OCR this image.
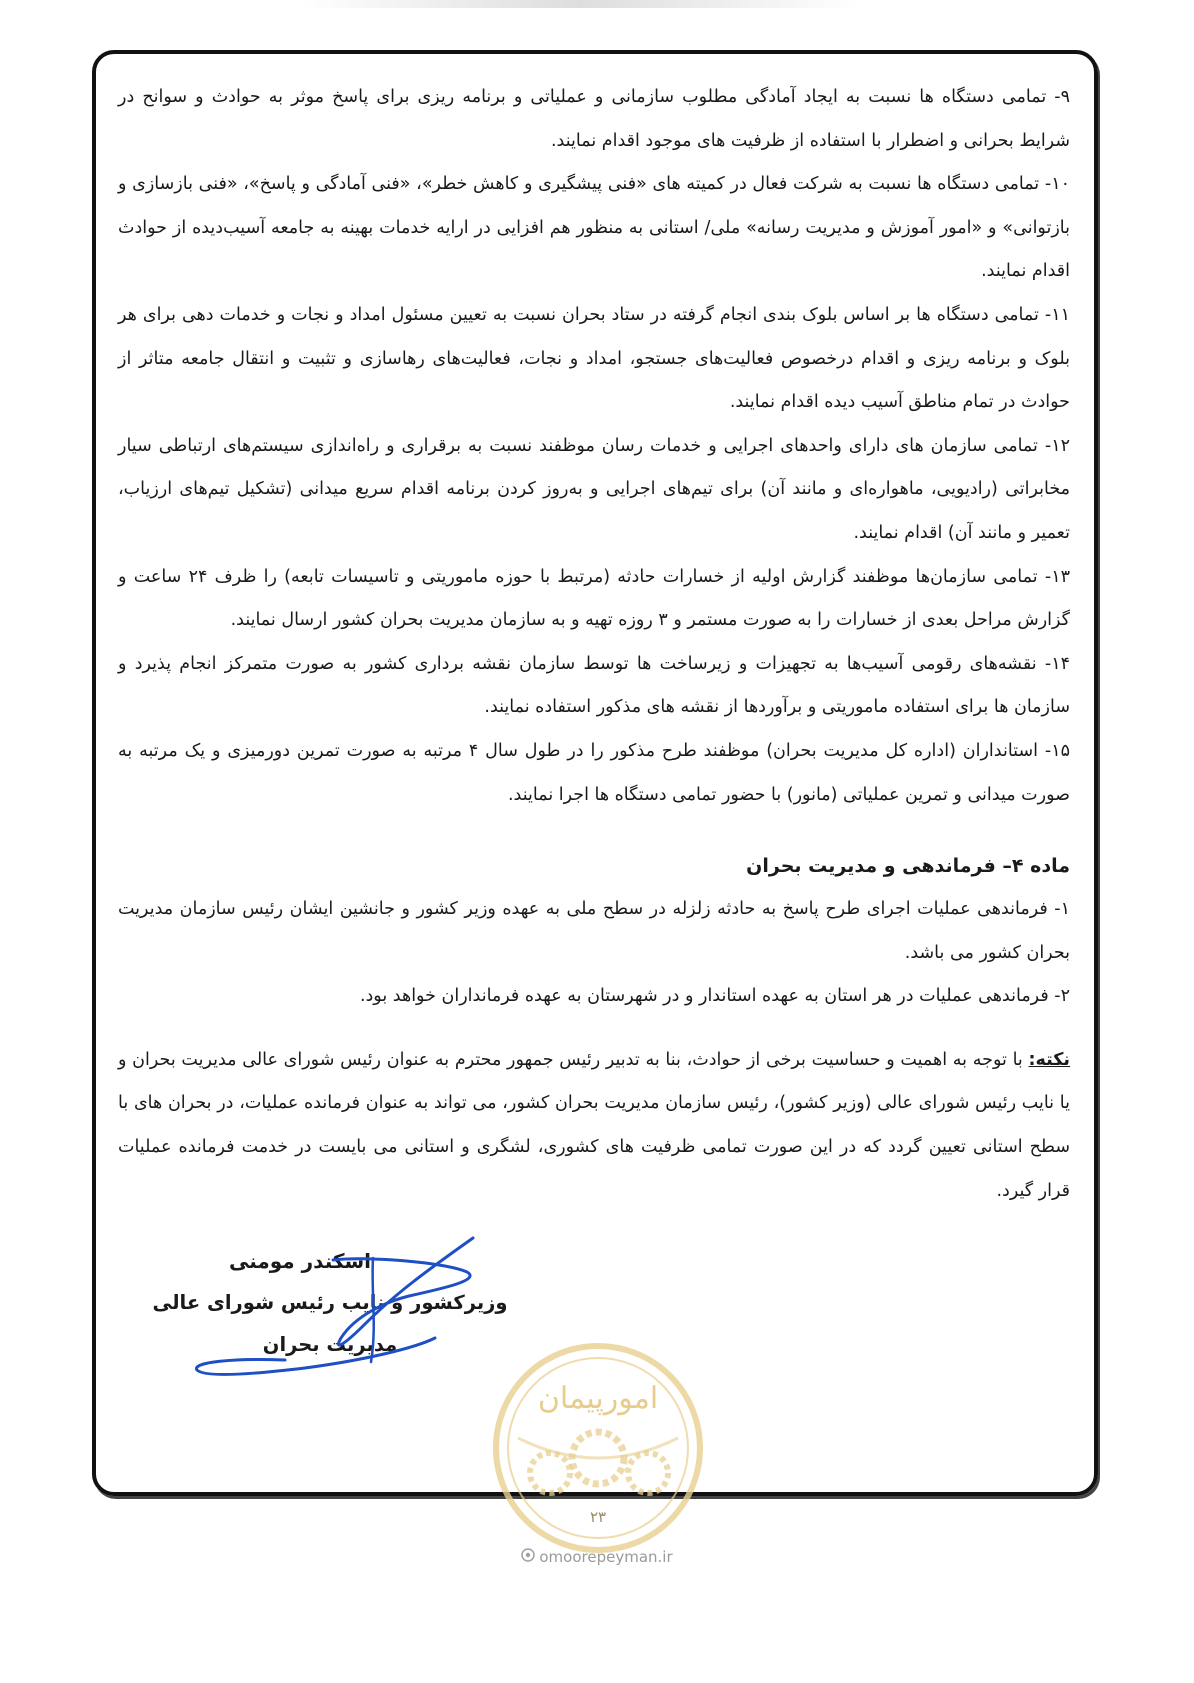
۹- تمامی دستگاه ها نسبت به ایجاد آمادگی مطلوب سازمانی و عملیاتی و برنامه ریزی برای پاسخ موثر به حوادث و سوانح در شرایط بحرانی و اضطرار با استفاده از ظرفیت های موجود اقدام نمایند.

۱۰- تمامی دستگاه ها نسبت به شرکت فعال در کمیته های «فنی پیشگیری و کاهش خطر»، «فنی آمادگی و پاسخ»، «فنی بازسازی و بازتوانی» و «امور آموزش و مدیریت رسانه» ملی/ استانی به منظور هم افزایی در ارایه خدمات بهینه به جامعه آسیب‌دیده از حوادث اقدام نمایند.

۱۱- تمامی دستگاه ها بر اساس بلوک بندی انجام گرفته در ستاد بحران نسبت به تعیین مسئول امداد و نجات و خدمات دهی برای هر بلوک و برنامه ریزی و اقدام درخصوص فعالیت‌های جستجو، امداد و نجات، فعالیت‌های رهاسازی و تثبیت و انتقال جامعه متاثر از حوادث در تمام مناطق آسیب دیده اقدام نمایند.

۱۲- تمامی سازمان های دارای واحدهای اجرایی و خدمات رسان موظفند نسبت به برقراری و راه‌اندازی سیستم‌های ارتباطی سیار مخابراتی (رادیویی، ماهواره‌ای و مانند آن) برای تیم‌های اجرایی و به‌روز کردن برنامه اقدام سریع میدانی (تشکیل تیم‌های ارزیاب، تعمیر و مانند آن) اقدام نمایند.

۱۳- تمامی سازمان‌ها موظفند گزارش اولیه از خسارات حادثه (مرتبط با حوزه ماموریتی و تاسیسات تابعه) را ظرف ۲۴ ساعت و گزارش مراحل بعدی از خسارات را به صورت مستمر و ۳ روزه تهیه و به سازمان مدیریت بحران کشور ارسال نمایند.

۱۴- نقشه‌های رقومی آسیب‌ها به تجهیزات و زیرساخت ها توسط سازمان نقشه برداری کشور به صورت متمرکز انجام پذیرد و سازمان ها برای استفاده ماموریتی و برآوردها از نقشه های مذکور استفاده نمایند.

۱۵- استانداران (اداره کل مدیریت بحران) موظفند طرح مذکور را در طول سال ۴ مرتبه به صورت تمرین دورمیزی و یک مرتبه به صورت میدانی و تمرین عملیاتی (مانور) با حضور تمامی دستگاه ها اجرا نمایند.

ماده ۴– فرماندهی و مدیریت بحران

۱- فرماندهی عملیات اجرای طرح پاسخ به حادثه زلزله در سطح ملی به عهده وزیر کشور و جانشین ایشان رئیس سازمان مدیریت بحران کشور می باشد.

۲- فرماندهی عملیات در هر استان به عهده استاندار و در شهرستان به عهده فرمانداران خواهد بود.

نکته: با توجه به اهمیت و حساسیت برخی از حوادث، بنا به تدبیر رئیس جمهور محترم به عنوان رئیس شورای عالی مدیریت بحران و یا نایب رئیس شورای عالی (وزیر کشور)، رئیس سازمان مدیریت بحران کشور، می تواند به عنوان فرمانده عملیات، در بحران های با سطح استانی تعیین گردد که در این صورت تمامی ظرفیت های کشوری، لشگری و استانی می بایست در خدمت فرمانده عملیات قرار گیرد.

اسکندر مومنی
وزیرکشور و نایب رئیس شورای عالی مدیریت بحران
امورپیمان
۲۳
omoorepeyman.ir
